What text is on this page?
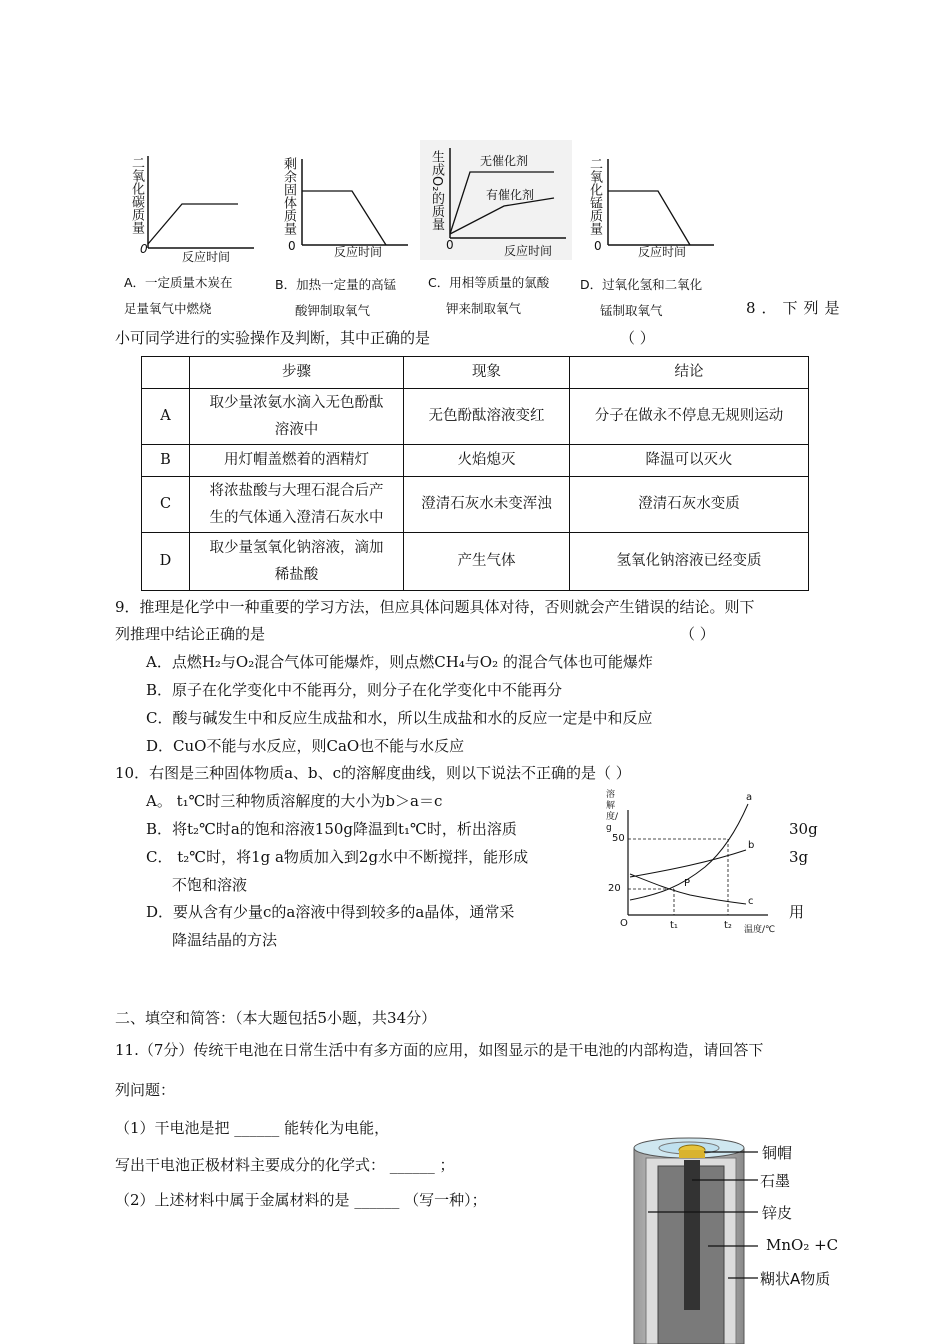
二氧化碳质量
0
反应时间
剩余固体质量
0	反应时间
生成O₂的质量	无催化剂
有催化剂
0	反应时间
二氧化锰质量
0	反应时间
A．一定质量木炭在
足量氧气中燃烧
B．加热一定量的高锰
酸钾制取氧气
C．用相等质量的氯酸
钾来制取氧气
D．过氧化氢和二氧化
锰制取氧气	8．下列是
小可同学进行的实验操作及判断，其中正确的是	（ ）
	步骤	现象	结论
A	取少量浓氨水滴入无色酚酞
溶液中	无色酚酞溶液变红	分子在做永不停息无规则运动
B	用灯帽盖燃着的酒精灯	火焰熄灭	降温可以灭火
C	将浓盐酸与大理石混合后产
生的气体通入澄清石灰水中	澄清石灰水未变浑浊	澄清石灰水变质
D	取少量氢氧化钠溶液，滴加
稀盐酸	产生气体	氢氧化钠溶液已经变质
9．推理是化学中一种重要的学习方法，但应具体问题具体对待，否则就会产生错误的结论。则下
列推理中结论正确的是	（ ）
A．点燃H₂与O₂混合气体可能爆炸，则点燃CH₄与O₂ 的混合气体也可能爆炸
B．原子在化学变化中不能再分，则分子在化学变化中不能再分
C．酸与碱发生中和反应生成盐和水，所以生成盐和水的反应一定是中和反应
D．CuO不能与水反应，则CaO也不能与水反应
10．右图是三种固体物质a、b、c的溶解度曲线，则以下说法不正确的是（ ）
A。 t₁℃时三种物质溶解度的大小为b＞a＝c
B．将t₂℃时a的饱和溶液150g降温到t₁℃时，析出溶质	30g
C． t₂℃时，将1g a物质加入到2g水中不断搅拌，能形成	3g
不饱和溶液
D．要从含有少量c的a溶液中得到较多的a晶体，通常采	用
降温结晶的方法
溶解度/g
50
20
O	t₁	t₂ 温度/℃
a
b
c
P
二、填空和简答：（本大题包括5小题，共34分）
11.（7分）传统干电池在日常生活中有多方面的应用，如图显示的是干电池的内部构造，请回答下
列问题：
（1）干电池是把 ______ 能转化为电能，
写出干电池正极材料主要成分的化学式： ______ ；
（2）上述材料中属于金属材料的是 ______ （写一种）；
铜帽
石墨
锌皮
MnO₂ +C
糊状A物质
